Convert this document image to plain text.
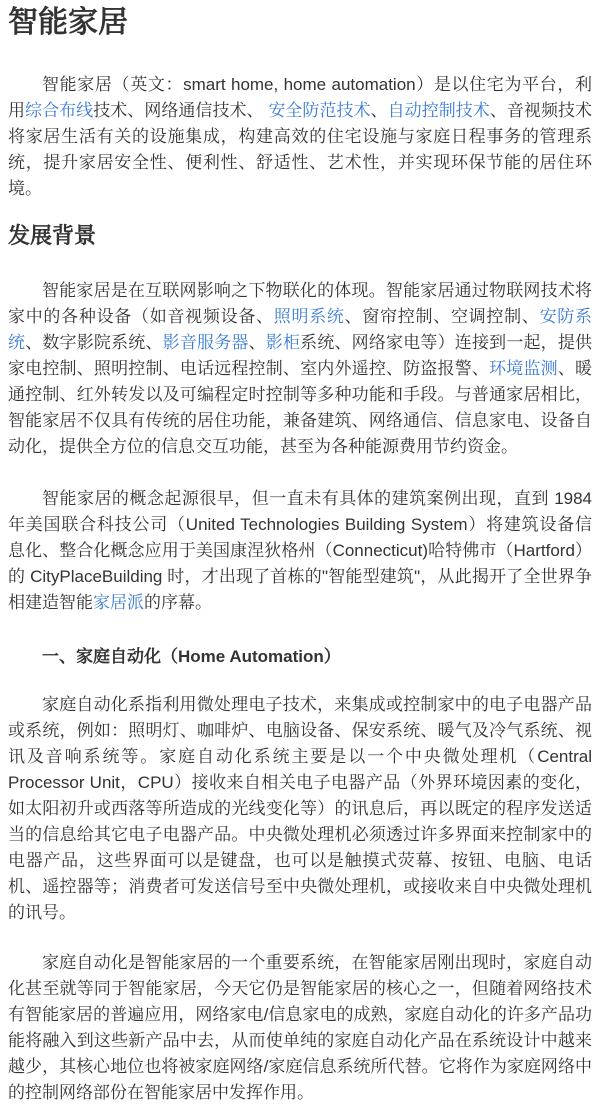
智能家居

智能家居（英文：smart home, home automation）是以住宅为平台，利用综合布线技术、网络通信技术、 安全防范技术、自动控制技术、音视频技术将家居生活有关的设施集成，构建高效的住宅设施与家庭日程事务的管理系统，提升家居安全性、便利性、舒适性、艺术性，并实现环保节能的居住环境。

发展背景

智能家居是在互联网影响之下物联化的体现。智能家居通过物联网技术将家中的各种设备（如音视频设备、照明系统、窗帘控制、空调控制、安防系统、数字影院系统、影音服务器、影柜系统、网络家电等）连接到一起，提供家电控制、照明控制、电话远程控制、室内外遥控、防盗报警、环境监测、暖通控制、红外转发以及可编程定时控制等多种功能和手段。与普通家居相比，智能家居不仅具有传统的居住功能，兼备建筑、网络通信、信息家电、设备自动化，提供全方位的信息交互功能，甚至为各种能源费用节约资金。

智能家居的概念起源很早，但一直未有具体的建筑案例出现，直到 1984 年美国联合科技公司（United Technologies Building System）将建筑设备信息化、整合化概念应用于美国康涅狄格州（Connecticut)哈特佛市（Hartford）的 CityPlaceBuilding 时，才出现了首栋的"智能型建筑"，从此揭开了全世界争相建造智能家居派的序幕。

一、家庭自动化（Home Automation）

家庭自动化系指利用微处理电子技术，来集成或控制家中的电子电器产品或系统，例如：照明灯、咖啡炉、电脑设备、保安系统、暖气及冷气系统、视讯及音响系统等。家庭自动化系统主要是以一个中央微处理机（Central Processor Unit，CPU）接收来自相关电子电器产品（外界环境因素的变化，如太阳初升或西落等所造成的光线变化等）的讯息后，再以既定的程序发送适当的信息给其它电子电器产品。中央微处理机必须透过许多界面来控制家中的电器产品，这些界面可以是键盘，也可以是触摸式荧幕、按钮、电脑、电话机、遥控器等；消费者可发送信号至中央微处理机，或接收来自中央微处理机的讯号。

家庭自动化是智能家居的一个重要系统，在智能家居刚出现时，家庭自动化甚至就等同于智能家居，今天它仍是智能家居的核心之一，但随着网络技术有智能家居的普遍应用，网络家电/信息家电的成熟，家庭自动化的许多产品功能将融入到这些新产品中去，从而使单纯的家庭自动化产品在系统设计中越来越少，其核心地位也将被家庭网络/家庭信息系统所代替。它将作为家庭网络中的控制网络部份在智能家居中发挥作用。
